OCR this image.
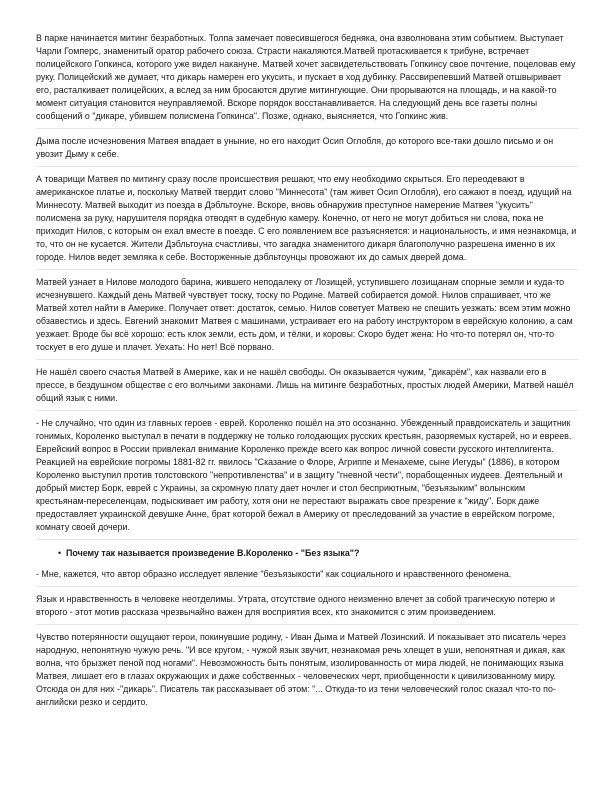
В парке начинается митинг безработных. Толпа замечает повесившегося бедняка, она взволнована этим событием. Выступает Чарли Гомперс, знаменитый оратор рабочего союза. Страсти накаляются.Матвей протаскивается к трибуне, встречает полицейского Гопкинса, которого уже видел накануне. Матвей хочет засвидетельствовать Гопкинсу свое почтение, поцеловав ему руку. Полицейский же думает, что дикарь намерен его укусить, и пускает в ход дубинку. Рассвирепевший Матвей отшвыривает его, расталкивает полицейских, а вслед за ним бросаются другие митингующие. Они прорываются на площадь, и на какой-то момент ситуация становится неуправляемой. Вскоре порядок восстанавливается. На следующий день все газеты полны сообщений о "дикаре, убившем полисмена Гопкинса". Позже, однако, выясняется, что Гопкинс жив.

Дыма после исчезновения Матвея впадает в уныние, но его находит Осип Оглобля, до которого все-таки дошло письмо и он увозит Дыму к себе.

А товарищи Матвея по митингу сразу после происшествия решают, что ему необходимо скрыться. Его переодевают в американское платье и, поскольку Матвей твердит слово "Миннесота" (там живет Осип Оглобля), его сажают в поезд, идущий на Миннесоту. Матвей выходит из поезда в Дэбльтоуне. Вскоре, вновь обнаружив преступное намерение Матвея "укусить" полисмена за руку, нарушителя порядка отводят в судебную камеру. Конечно, от него не могут добиться ни слова, пока не приходит Нилов, с которым он ехал вместе в поезде. С его появлением все разъясняется: и национальность, и имя незнакомца, и то, что он не кусается. Жители Дэбльтоуна счастливы, что загадка знаменитого дикаря благополучно разрешена именно в их городе. Нилов ведет земляка к себе. Восторженные дэбльтоунцы провожают их до самых дверей дома.

Матвей узнает в Нилове молодого барина, жившего неподалеку от Лозищей, уступившего лозищанам спорные земли и куда-то исчезнувшего. Каждый день Матвей чувствует тоску, тоску по Родине. Матвей собирается домой. Нилов спрашивает, что же Матвей хотел найти в Америке. Получает ответ: достаток, семью. Нилов советует Матвею не спешить уезжать: всем этим можно обзавестись и здесь. Евгений знакомит Матвея с машинами, устраивает его на работу инструктором в еврейскую колонию, а сам уезжает. Вроде бы всё хорошо: есть клок земли, есть дом, и тёлки, и коровы: Скоро будет жена: Но что-то потерял он, что-то тоскует в его душе и плачет. Уехать: Но нет! Всё порвано.

Не нашёл своего счастья Матвей в Америке, как и не нашёл свободы. Он оказывается чужим, "дикарём", как назвали его в прессе, в бездушном обществе с его волчьими законами. Лишь на митинге безработных, простых людей Америки, Матвей нашёл общий язык с ними.

- Не случайно, что один из главных героев - еврей. Короленко пошёл на это осознанно. Убежденный правдоискатель и защитник гонимых, Короленко выступал в печати в поддержку не только голодающих русских крестьян, разоряемых кустарей, но и евреев. Еврейский вопрос в России привлекал внимание Короленко прежде всего как вопрос личной совести русского интеллигента. Реакцией на еврейские погромы 1881-82 гг. явилось "Сказание о Флоре, Агриппе и Менахеме, сыне Иегуды" (1886), в котором Короленко выступил против толстовского "непротивленства" и в защиту "гневной чести", порабощенных иудеев. Деятельный и добрый мистер Борк, еврей с Украины, за скромную плату дает ночлег и стол бесприютным, "безъязыким" волынским крестьянам-переселенцам, подыскивает им работу, хотя они не перестают выражать свое презрение к "жиду". Борк даже предоставляет украинской девушке Анне, брат которой бежал в Америку от преследований за участие в еврейском погроме, комнату своей дочери.

• Почему так называется произведение В.Короленко - "Без языка"?

- Мне, кажется, что автор образно исследует явление "безъязыкости" как социального и нравственного феномена.

Язык и нравственность в человеке неотделимы. Утрата, отсутствие одного неизменно влечет за собой трагическую потерю и второго - этот мотив рассказа чрезвычайно важен для восприятия всех, кто знакомится с этим произведением.

Чувство потерянности ощущают герои, покинувшие родину, - Иван Дыма и Матвей Лозинский. И показывает это писатель через народную, непонятную чужую речь. "И все кругом, - чужой язык звучит, незнакомая речь хлещет в уши, непонятная и дикая, как волна, что брызжет пеной под ногами". Невозможность быть понятым, изолированность от мира людей, не понимающих языка Матвея, лишает его в глазах окружающих и даже собственных - человеческих черт, приобщенности к цивилизованному миру. Отсюда он для них -"дикарь". Писатель так рассказывает об этом: "... Откуда-то из тени человеческий голос сказал что-то по-английски резко и сердито.
